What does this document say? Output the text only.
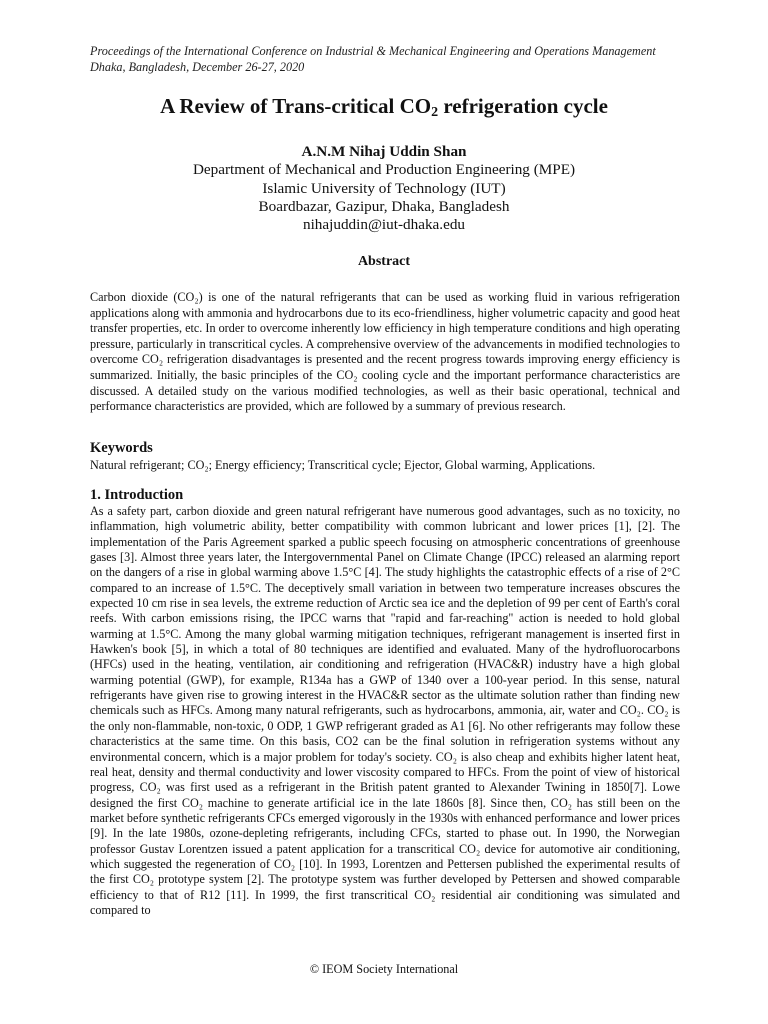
Proceedings of the International Conference on Industrial & Mechanical Engineering and Operations Management
Dhaka, Bangladesh, December 26-27, 2020
A Review of Trans-critical $CO_2$ refrigeration cycle
A.N.M Nihaj Uddin Shan
Department of Mechanical and Production Engineering (MPE)
Islamic University of Technology (IUT)
Boardbazar, Gazipur, Dhaka, Bangladesh
nihajuddin@iut-dhaka.edu
Abstract
Carbon dioxide (CO₂) is one of the natural refrigerants that can be used as working fluid in various refrigeration applications along with ammonia and hydrocarbons due to its eco-friendliness, higher volumetric capacity and good heat transfer properties, etc. In order to overcome inherently low efficiency in high temperature conditions and high operating pressure, particularly in transcritical cycles. A comprehensive overview of the advancements in modified technologies to overcome CO₂ refrigeration disadvantages is presented and the recent progress towards improving energy efficiency is summarized. Initially, the basic principles of the CO₂ cooling cycle and the important performance characteristics are discussed. A detailed study on the various modified technologies, as well as their basic operational, technical and performance characteristics are provided, which are followed by a summary of previous research.
Keywords
Natural refrigerant; CO₂; Energy efficiency; Transcritical cycle; Ejector, Global warming, Applications.
1. Introduction
As a safety part, carbon dioxide and green natural refrigerant have numerous good advantages, such as no toxicity, no inflammation, high volumetric ability, better compatibility with common lubricant and lower prices [1], [2]. The implementation of the Paris Agreement sparked a public speech focusing on atmospheric concentrations of greenhouse gases [3]. Almost three years later, the Intergovernmental Panel on Climate Change (IPCC) released an alarming report on the dangers of a rise in global warming above 1.5°C [4]. The study highlights the catastrophic effects of a rise of 2°C compared to an increase of 1.5°C. The deceptively small variation in between two temperature increases obscures the expected 10 cm rise in sea levels, the extreme reduction of Arctic sea ice and the depletion of 99 per cent of Earth's coral reefs. With carbon emissions rising, the IPCC warns that "rapid and far-reaching" action is needed to hold global warming at 1.5°C. Among the many global warming mitigation techniques, refrigerant management is inserted first in Hawken's book [5], in which a total of 80 techniques are identified and evaluated. Many of the hydrofluorocarbons (HFCs) used in the heating, ventilation, air conditioning and refrigeration (HVAC&R) industry have a high global warming potential (GWP), for example, R134a has a GWP of 1340 over a 100-year period. In this sense, natural refrigerants have given rise to growing interest in the HVAC&R sector as the ultimate solution rather than finding new chemicals such as HFCs. Among many natural refrigerants, such as hydrocarbons, ammonia, air, water and CO₂. CO₂ is the only non-flammable, non-toxic, 0 ODP, 1 GWP refrigerant graded as A1 [6]. No other refrigerants may follow these characteristics at the same time. On this basis, CO2 can be the final solution in refrigeration systems without any environmental concern, which is a major problem for today's society. CO₂ is also cheap and exhibits higher latent heat, real heat, density and thermal conductivity and lower viscosity compared to HFCs. From the point of view of historical progress, CO₂ was first used as a refrigerant in the British patent granted to Alexander Twining in 1850[7]. Lowe designed the first CO₂ machine to generate artificial ice in the late 1860s [8]. Since then, CO₂ has still been on the market before synthetic refrigerants CFCs emerged vigorously in the 1930s with enhanced performance and lower prices [9]. In the late 1980s, ozone-depleting refrigerants, including CFCs, started to phase out. In 1990, the Norwegian professor Gustav Lorentzen issued a patent application for a transcritical CO₂ device for automotive air conditioning, which suggested the regeneration of CO₂ [10]. In 1993, Lorentzen and Pettersen published the experimental results of the first CO₂ prototype system [2]. The prototype system was further developed by Pettersen and showed comparable efficiency to that of R12 [11]. In 1999, the first transcritical CO₂ residential air conditioning was simulated and compared to
© IEOM Society International
